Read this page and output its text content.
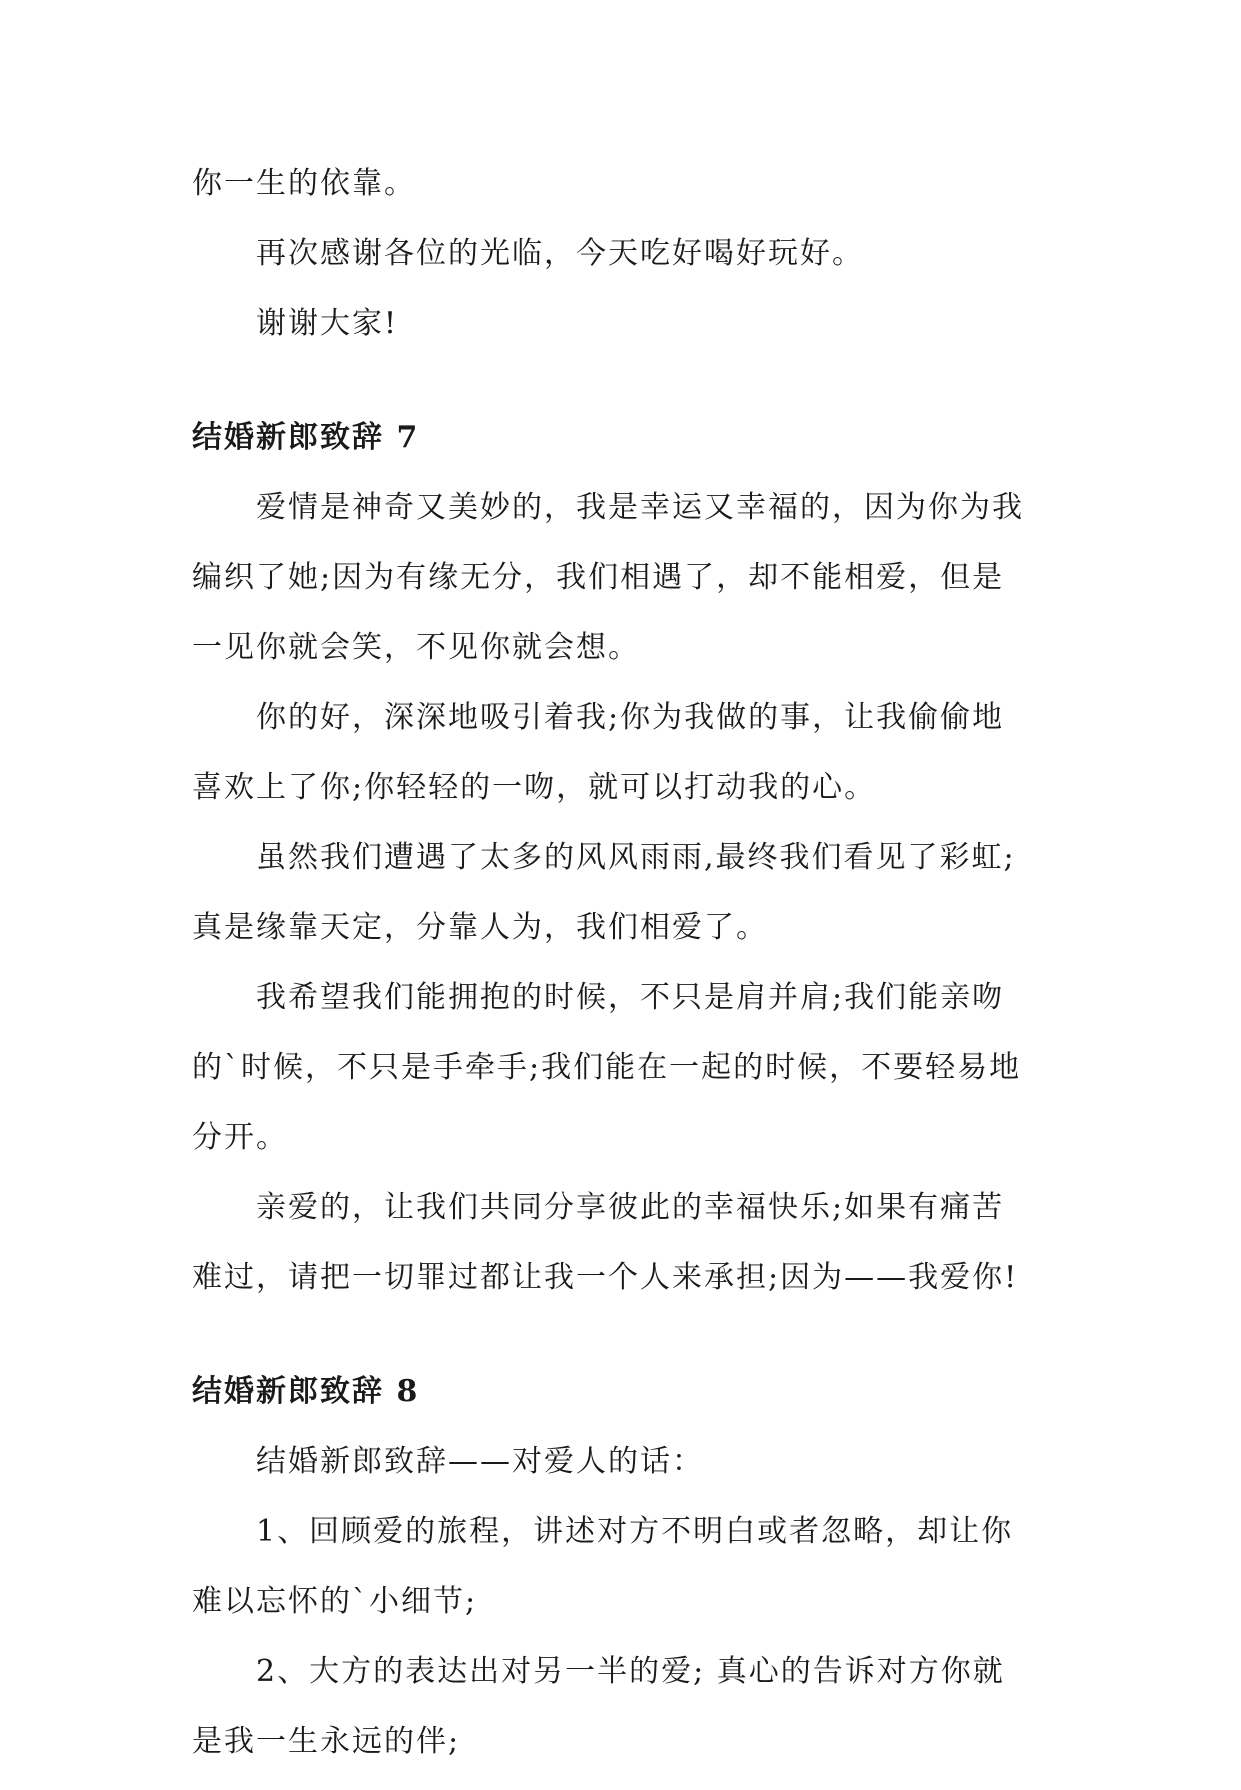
你一生的依靠。

再次感谢各位的光临，今天吃好喝好玩好。

谢谢大家!

结婚新郎致辞 7

爱情是神奇又美妙的，我是幸运又幸福的，因为你为我

编织了她;因为有缘无分，我们相遇了，却不能相爱，但是

一见你就会笑，不见你就会想。

你的好，深深地吸引着我;你为我做的事，让我偷偷地

喜欢上了你;你轻轻的一吻，就可以打动我的心。

虽然我们遭遇了太多的风风雨雨,最终我们看见了彩虹;

真是缘靠天定，分靠人为，我们相爱了。

我希望我们能拥抱的时候，不只是肩并肩;我们能亲吻

的`时候，不只是手牵手;我们能在一起的时候，不要轻易地

分开。

亲爱的，让我们共同分享彼此的幸福快乐;如果有痛苦

难过，请把一切罪过都让我一个人来承担;因为——我爱你!

结婚新郎致辞 8

结婚新郎致辞——对爱人的话：

1、回顾爱的旅程，讲述对方不明白或者忽略，却让你

难以忘怀的`小细节;

2、大方的表达出对另一半的爱; 真心的告诉对方你就

是我一生永远的伴;
